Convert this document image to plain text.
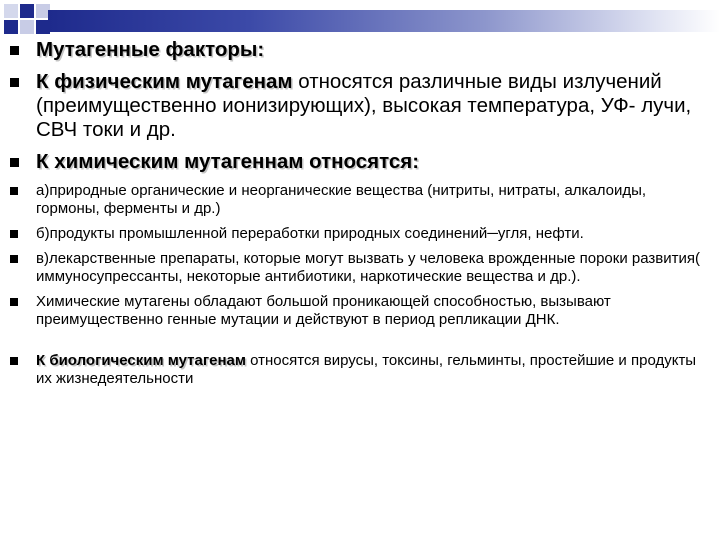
Мутагенные факторы:

К физическим мутагенам относятся различные виды излучений (преимущественно ионизирующих), высокая температура, УФ- лучи, СВЧ токи и др.

К химическим мутагеннам относятся:

а)природные органические и неорганические вещества (нитриты, нитраты, алкалоиды, гормоны, ферменты и др.)

б)продукты промышленной переработки природных соединений─угля, нефти.

в)лекарственные препараты, которые могут вызвать у человека врожденные пороки развития( иммуносупрессанты, некоторые антибиотики, наркотические вещества и др.).

Химические мутагены обладают большой проникающей способностью, вызывают преимущественно генные мутации и действуют в период репликации ДНК.

К биологическим мутагенам относятся вирусы, токсины, гельминты, простейшие и продукты их жизнедеятельности
